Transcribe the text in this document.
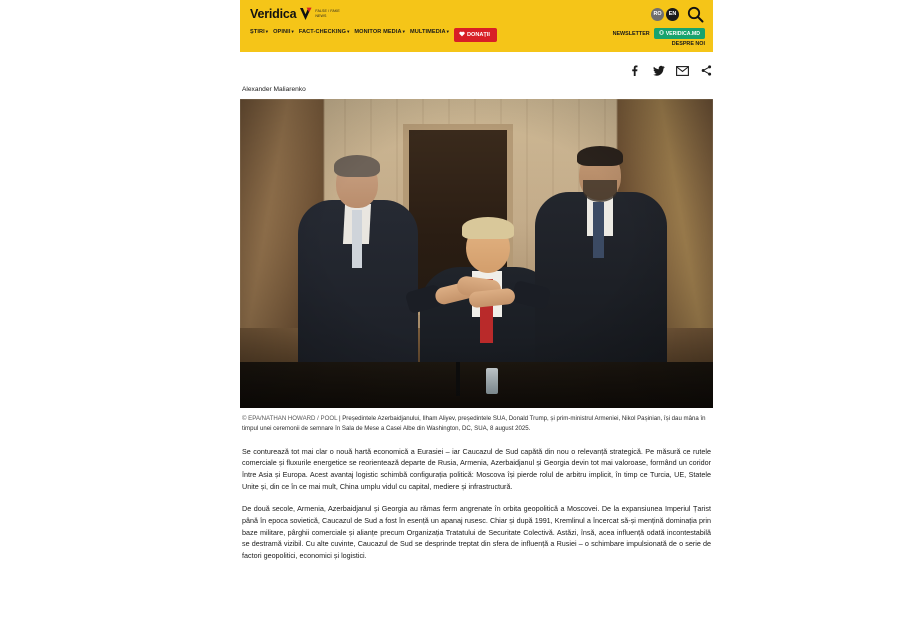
Veridica	FALSE / FAKE NEWS	RO	EN
ȘTIRI▾ OPINII▾ FACT-CHECKING▾ MONITOR MEDIA▾ MULTIMEDIA▾
DONAȚII	NEWSLETTER	VERIDICA.MD
DESPRE NOI
Alexander Maliarenko
© EPA/NATHAN HOWARD / POOL | Președintele Azerbaidjanului, Ilham Aliyev, președintele SUA, Donald Trump, și prim-ministrul Armeniei, Nikol Pașinian, își dau mâna în timpul unei ceremonii de semnare în Sala de Mese a Casei Albe din Washington, DC, SUA, 8 august 2025.

Se conturează tot mai clar o nouă hartă economică a Eurasiei – iar Caucazul de Sud capătă din nou o relevanță strategică. Pe măsură ce rutele comerciale și fluxurile energetice se reorientează departe de Rusia, Armenia, Azerbaidjanul și Georgia devin tot mai valoroase, formând un coridor între Asia și Europa. Acest avantaj logistic schimbă configurația politică: Moscova își pierde rolul de arbitru implicit, în timp ce Turcia, UE, Statele Unite și, din ce în ce mai mult, China umplu vidul cu capital, mediere și infrastructură.

De două secole, Armenia, Azerbaidjanul și Georgia au rămas ferm angrenate în orbita geopolitică a Moscovei. De la expansiunea Imperiul Țarist până în epoca sovietică, Caucazul de Sud a fost în esență un apanaj rusesc. Chiar și după 1991, Kremlinul a încercat să-și mențină dominația prin baze militare, pârghii comerciale și alianțe precum Organizația Tratatului de Securitate Colectivă. Astăzi, însă, acea influență odată incontestabilă se destramă vizibil. Cu alte cuvinte, Caucazul de Sud se desprinde treptat din sfera de influență a Rusiei – o schimbare impulsionată de o serie de factori geopolitici, economici și logistici.
